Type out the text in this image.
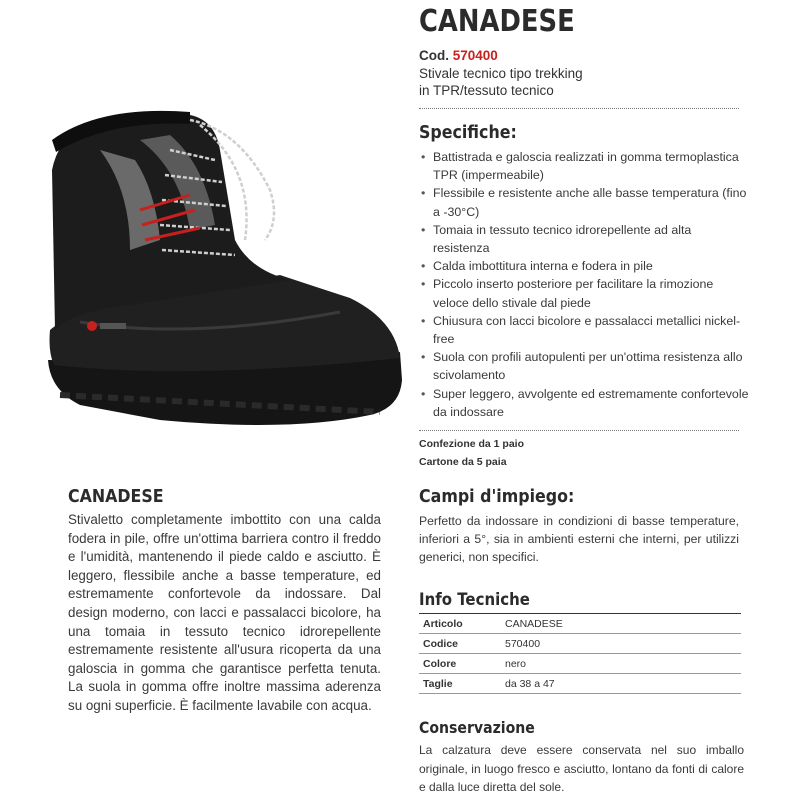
CANADESE
Cod. 570400
Stivale tecnico tipo trekking
in TPR/tessuto tecnico
Specifiche:
• Battistrada e galoscia realizzati in gomma termoplastica TPR (impermeabile)
• Flessibile e resistente anche alle basse temperatura (fino a -30°C)
• Tomaia in tessuto tecnico idrorepellente ad alta resistenza
• Calda imbottitura interna e fodera in pile
• Piccolo inserto posteriore per facilitare la rimozione veloce dello stivale dal piede
• Chiusura con lacci bicolore e passalacci metallici nickel-free
• Suola con profili autopulenti per un'ottima resistenza allo scivolamento
• Super leggero, avvolgente ed estremamente confortevole da indossare
Confezione da 1 paio
Cartone da 5 paia
CANADESE
Stivaletto completamente imbottito con una calda fodera in pile, offre un'ottima barriera contro il freddo e l'umidità, mantenendo il piede caldo e asciutto. È leggero, flessibile anche a basse temperature, ed estremamente confortevole da indossare. Dal design moderno, con lacci e passalacci bicolore, ha una tomaia in tessuto tecnico idrorepellente estremamente resistente all'usura ricoperta da una galoscia in gomma che garantisce perfetta tenuta. La suola in gomma offre inoltre massima aderenza su ogni superficie. È facilmente lavabile con acqua.
Campi d'impiego:
Perfetto da indossare in condizioni di basse temperature, inferiori a 5°, sia in ambienti esterni che interni, per utilizzi generici, non specifici.
Info Tecniche
Articolo	CANADESE
Codice	570400
Colore	nero
Taglie	da 38 a 47
Conservazione
La calzatura deve essere conservata nel suo imballo originale, in luogo fresco e asciutto, lontano da fonti di calore e dalla luce diretta del sole.
